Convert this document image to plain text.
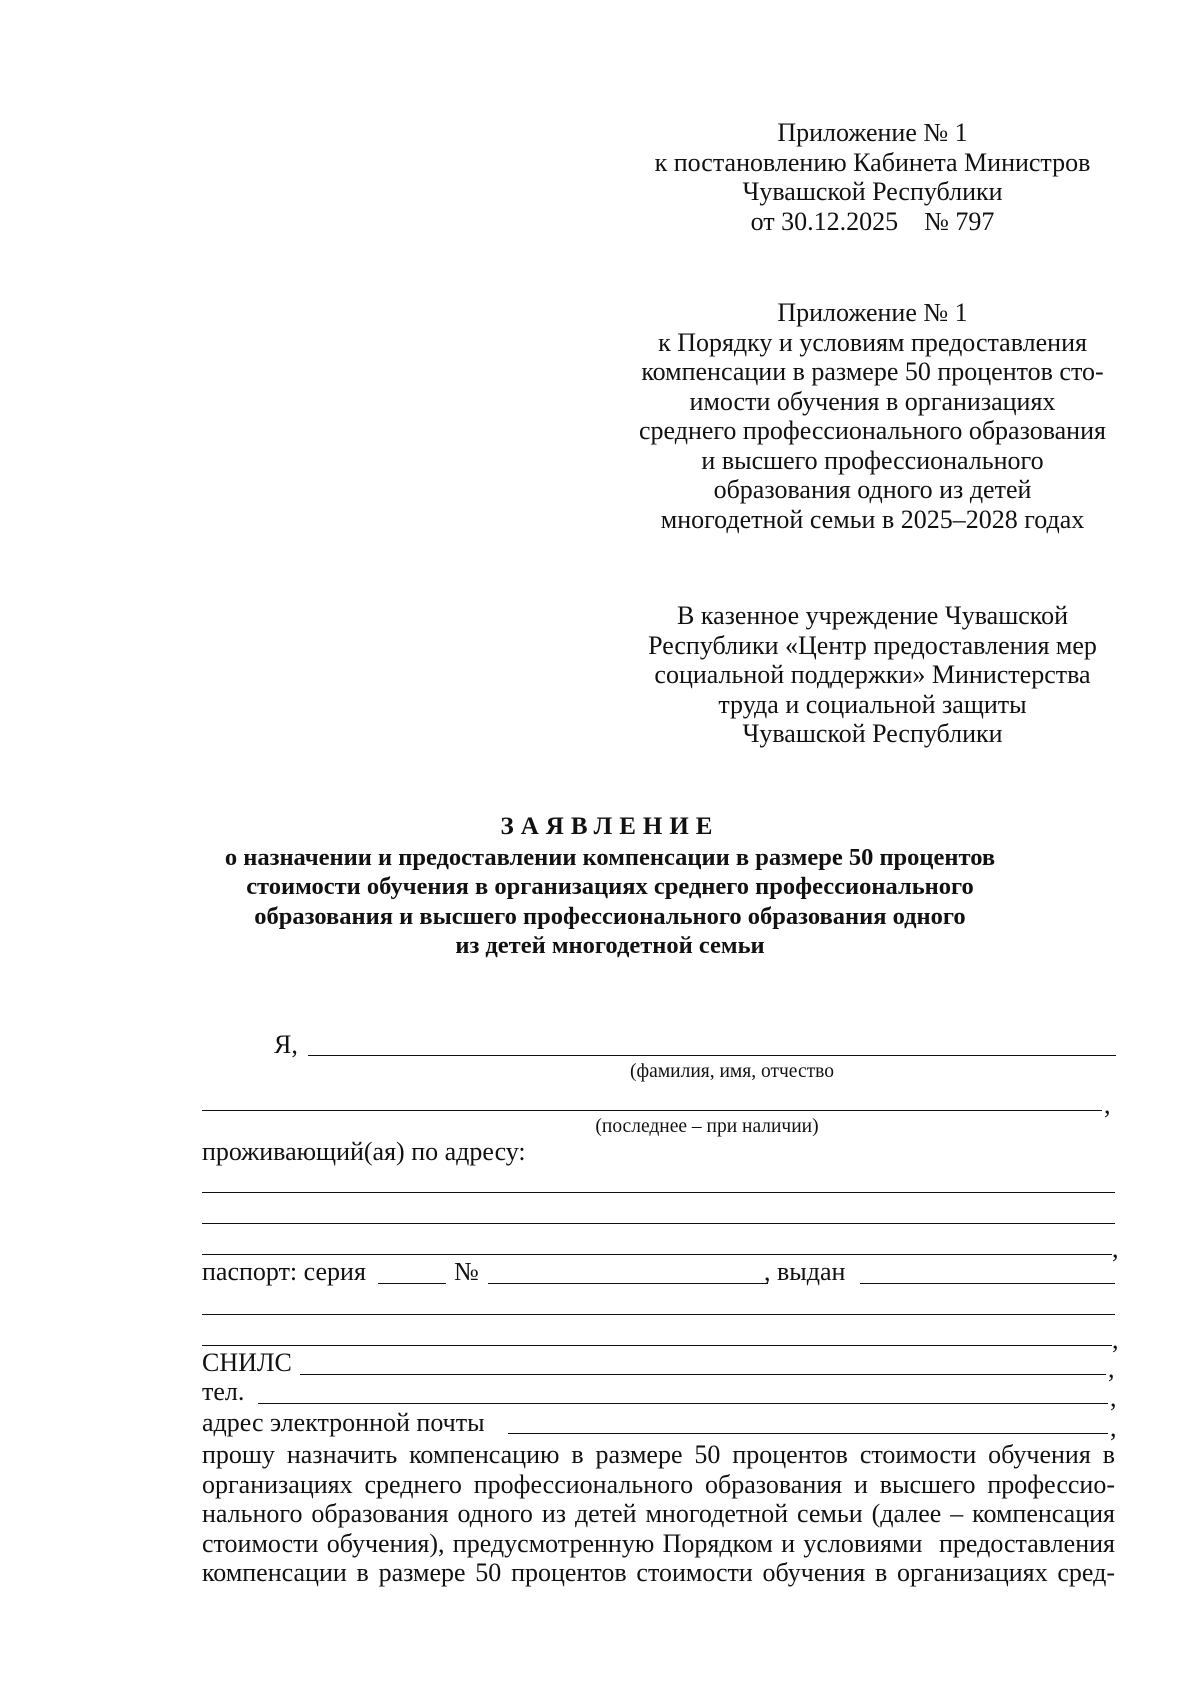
Приложение № 1
к постановлению Кабинета Министров
Чувашской Республики
от 30.12.2025    № 797
Приложение № 1
к Порядку и условиям предоставления
компенсации в размере 50 процентов сто-
имости обучения в организациях
среднего профессионального образования
и высшего профессионального
образования одного из детей
многодетной семьи в 2025–2028 годах
В казенное учреждение Чувашской
Республики «Центр предоставления мер
социальной поддержки» Министерства
труда и социальной защиты
Чувашской Республики
ЗАЯВЛЕНИЕ
о назначении и предоставлении компенсации в размере 50 процентов
стоимости обучения в организациях среднего профессионального
образования и высшего профессионального образования одного
из детей многодетной семьи
Я,
(фамилия, имя, отчество
,
(последнее – при наличии)
проживающий(ая) по адресу:
,
паспорт: серия	№	, выдан
,
СНИЛС	,
тел.	,
адрес электронной почты	,
прошу назначить компенсацию в размере 50 процентов стоимости обучения в
организациях среднего профессионального образования и высшего профессио-
нального образования одного из детей многодетной семьи (далее – компенсация
стоимости обучения), предусмотренную Порядком и условиями  предоставления
компенсации в размере 50 процентов стоимости обучения в организациях сред-
